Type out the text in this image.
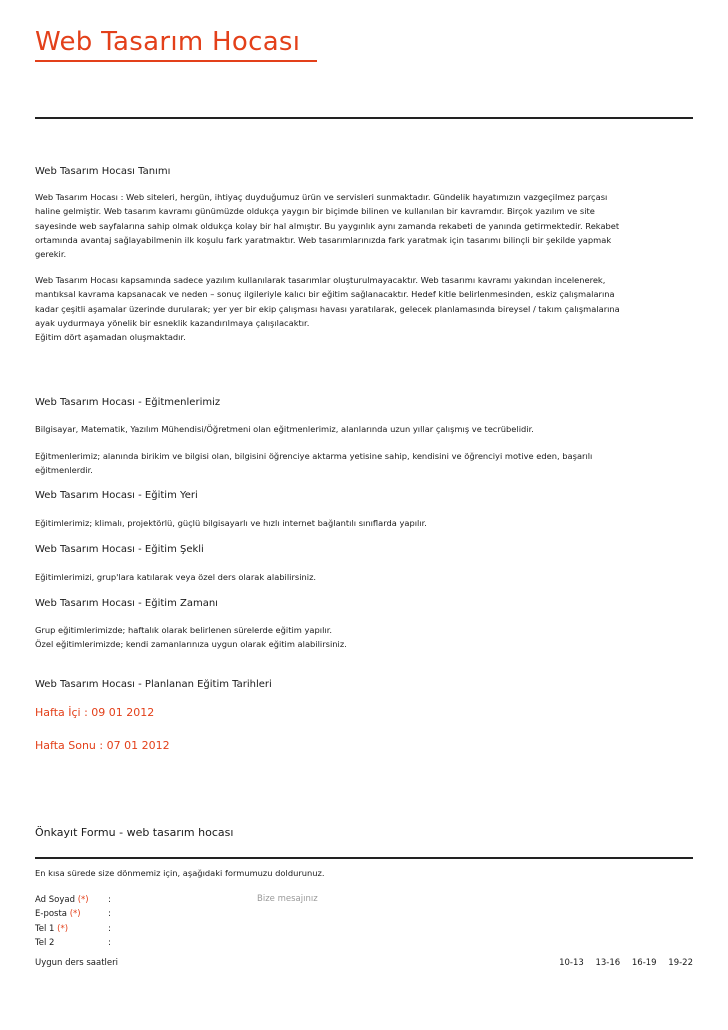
Web Tasarım Hocası
Web Tasarım Hocası Tanımı
Web Tasarım Hocası : Web siteleri, hergün, ihtiyaç duyduğumuz ürün ve servisleri sunmaktadır. Gündelik hayatımızın vazgeçilmez parçası
haline gelmiştir. Web tasarım kavramı günümüzde oldukça yaygın bir biçimde bilinen ve kullanılan bir kavramdır. Birçok yazılım ve site
sayesinde web sayfalarına sahip olmak oldukça kolay bir hal almıştır. Bu yaygınlık aynı zamanda rekabeti de yanında getirmektedir. Rekabet
ortamında avantaj sağlayabilmenin ilk koşulu fark yaratmaktır. Web tasarımlarınızda fark yaratmak için tasarımı bilinçli bir şekilde yapmak
gerekir.
Web Tasarım Hocası kapsamında sadece yazılım kullanılarak tasarımlar oluşturulmayacaktır. Web tasarımı kavramı yakından incelenerek,
mantıksal kavrama kapsanacak ve neden – sonuç ilgileriyle kalıcı bir eğitim sağlanacaktır. Hedef kitle belirlenmesinden, eskiz çalışmalarına
kadar çeşitli aşamalar üzerinde durularak; yer yer bir ekip çalışması havası yaratılarak, gelecek planlamasında bireysel / takım çalışmalarına
ayak uydurmaya yönelik bir esneklik kazandırılmaya çalışılacaktır.
Eğitim dört aşamadan oluşmaktadır.
Web Tasarım Hocası - Eğitmenlerimiz
Bilgisayar, Matematik, Yazılım Mühendisi/Öğretmeni olan eğitmenlerimiz, alanlarında uzun yıllar çalışmış ve tecrübelidir.
Eğitmenlerimiz; alanında birikim ve bilgisi olan, bilgisini öğrenciye aktarma yetisine sahip, kendisini ve öğrenciyi motive eden, başarılı
eğitmenlerdir.
Web Tasarım Hocası - Eğitim Yeri
Eğitimlerimiz; klimalı, projektörlü, güçlü bilgisayarlı ve hızlı internet bağlantılı sınıflarda yapılır.
Web Tasarım Hocası - Eğitim Şekli
Eğitimlerimizi, grup'lara katılarak veya özel ders olarak alabilirsiniz.
Web Tasarım Hocası - Eğitim Zamanı
Grup eğitimlerimizde; haftalık olarak belirlenen sürelerde eğitim yapılır.
Özel eğitimlerimizde; kendi zamanlarınıza uygun olarak eğitim alabilirsiniz.
Web Tasarım Hocası - Planlanan Eğitim Tarihleri
Hafta İçi : 09 01 2012
Hafta Sonu : 07 01 2012
Önkayıt Formu - web tasarım hocası
En kısa sürede size dönmemiz için, aşağıdaki formumuzu doldurunuz.
Ad Soyad (*) :	Bize mesajınız
E-posta (*)	:
Tel 1 (*)	:
Tel 2	:
Uygun ders saatleri	10-13 13-16 16-19 19-22
